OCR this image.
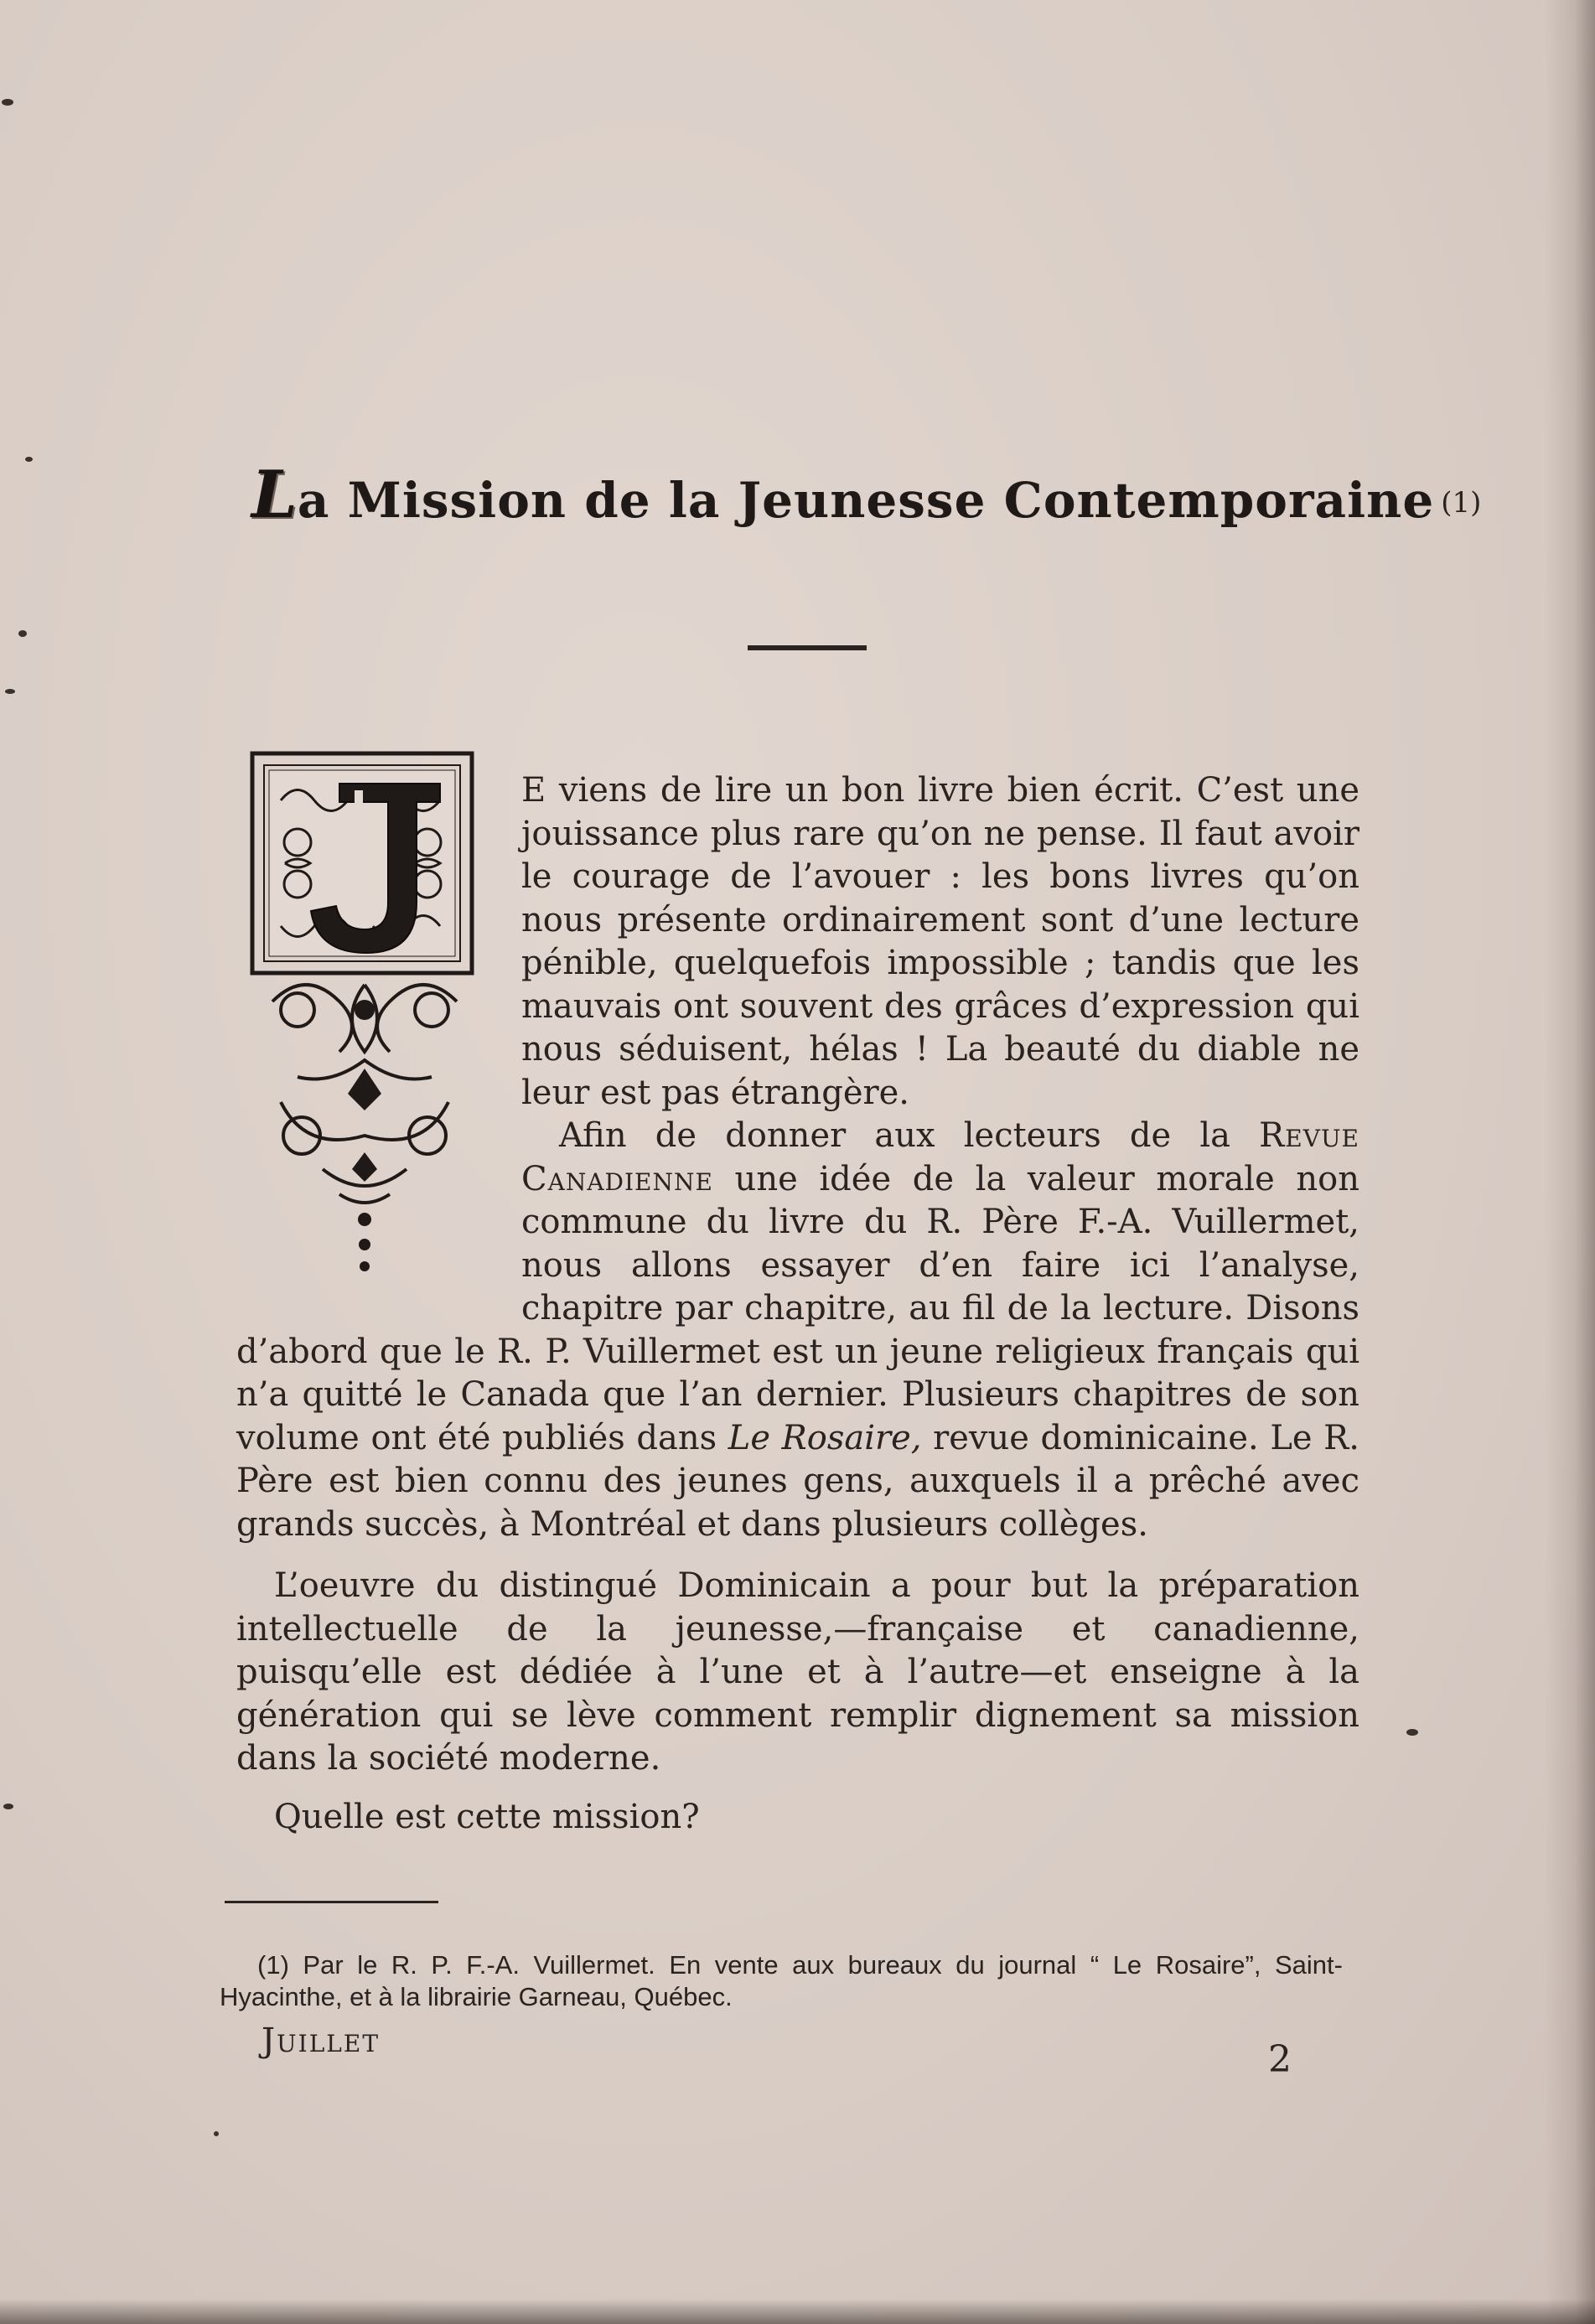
La Mission de la Jeunesse Contemporaine (1)

E viens de lire un bon livre bien écrit. C’est une jouissance plus rare qu’on ne pense. Il faut avoir le courage de l’avouer : les bons livres qu’on nous présente ordinairement sont d’une lecture pénible, quelquefois impossible ; tandis que les mauvais ont souvent des grâces d’expression qui nous séduisent, hélas ! La beauté du diable ne leur est pas étrangère.

Afin de donner aux lecteurs de la Revue Canadienne une idée de la valeur morale non commune du livre du R. Père F.-A. Vuillermet, nous allons essayer d’en faire ici l’analyse, chapitre par chapitre, au fil de la lecture. Disons d’abord que le R. P. Vuillermet est un jeune religieux français qui n’a quitté le Canada que l’an dernier. Plusieurs chapitres de son volume ont été publiés dans Le Rosaire, revue dominicaine. Le R. Père est bien connu des jeunes gens, auxquels il a prêché avec grands succès, à Montréal et dans plusieurs collèges.

L’oeuvre du distingué Dominicain a pour but la préparation intellectuelle de la jeunesse,—française et canadienne, puisqu’elle est dédiée à l’une et à l’autre—et enseigne à la génération qui se lève comment remplir dignement sa mission dans la société moderne.

Quelle est cette mission?

(1) Par le R. P. F.-A. Vuillermet. En vente aux bureaux du journal “ Le Rosaire”, Saint-Hyacinthe, et à la librairie Garneau, Québec.
Juillet	2
